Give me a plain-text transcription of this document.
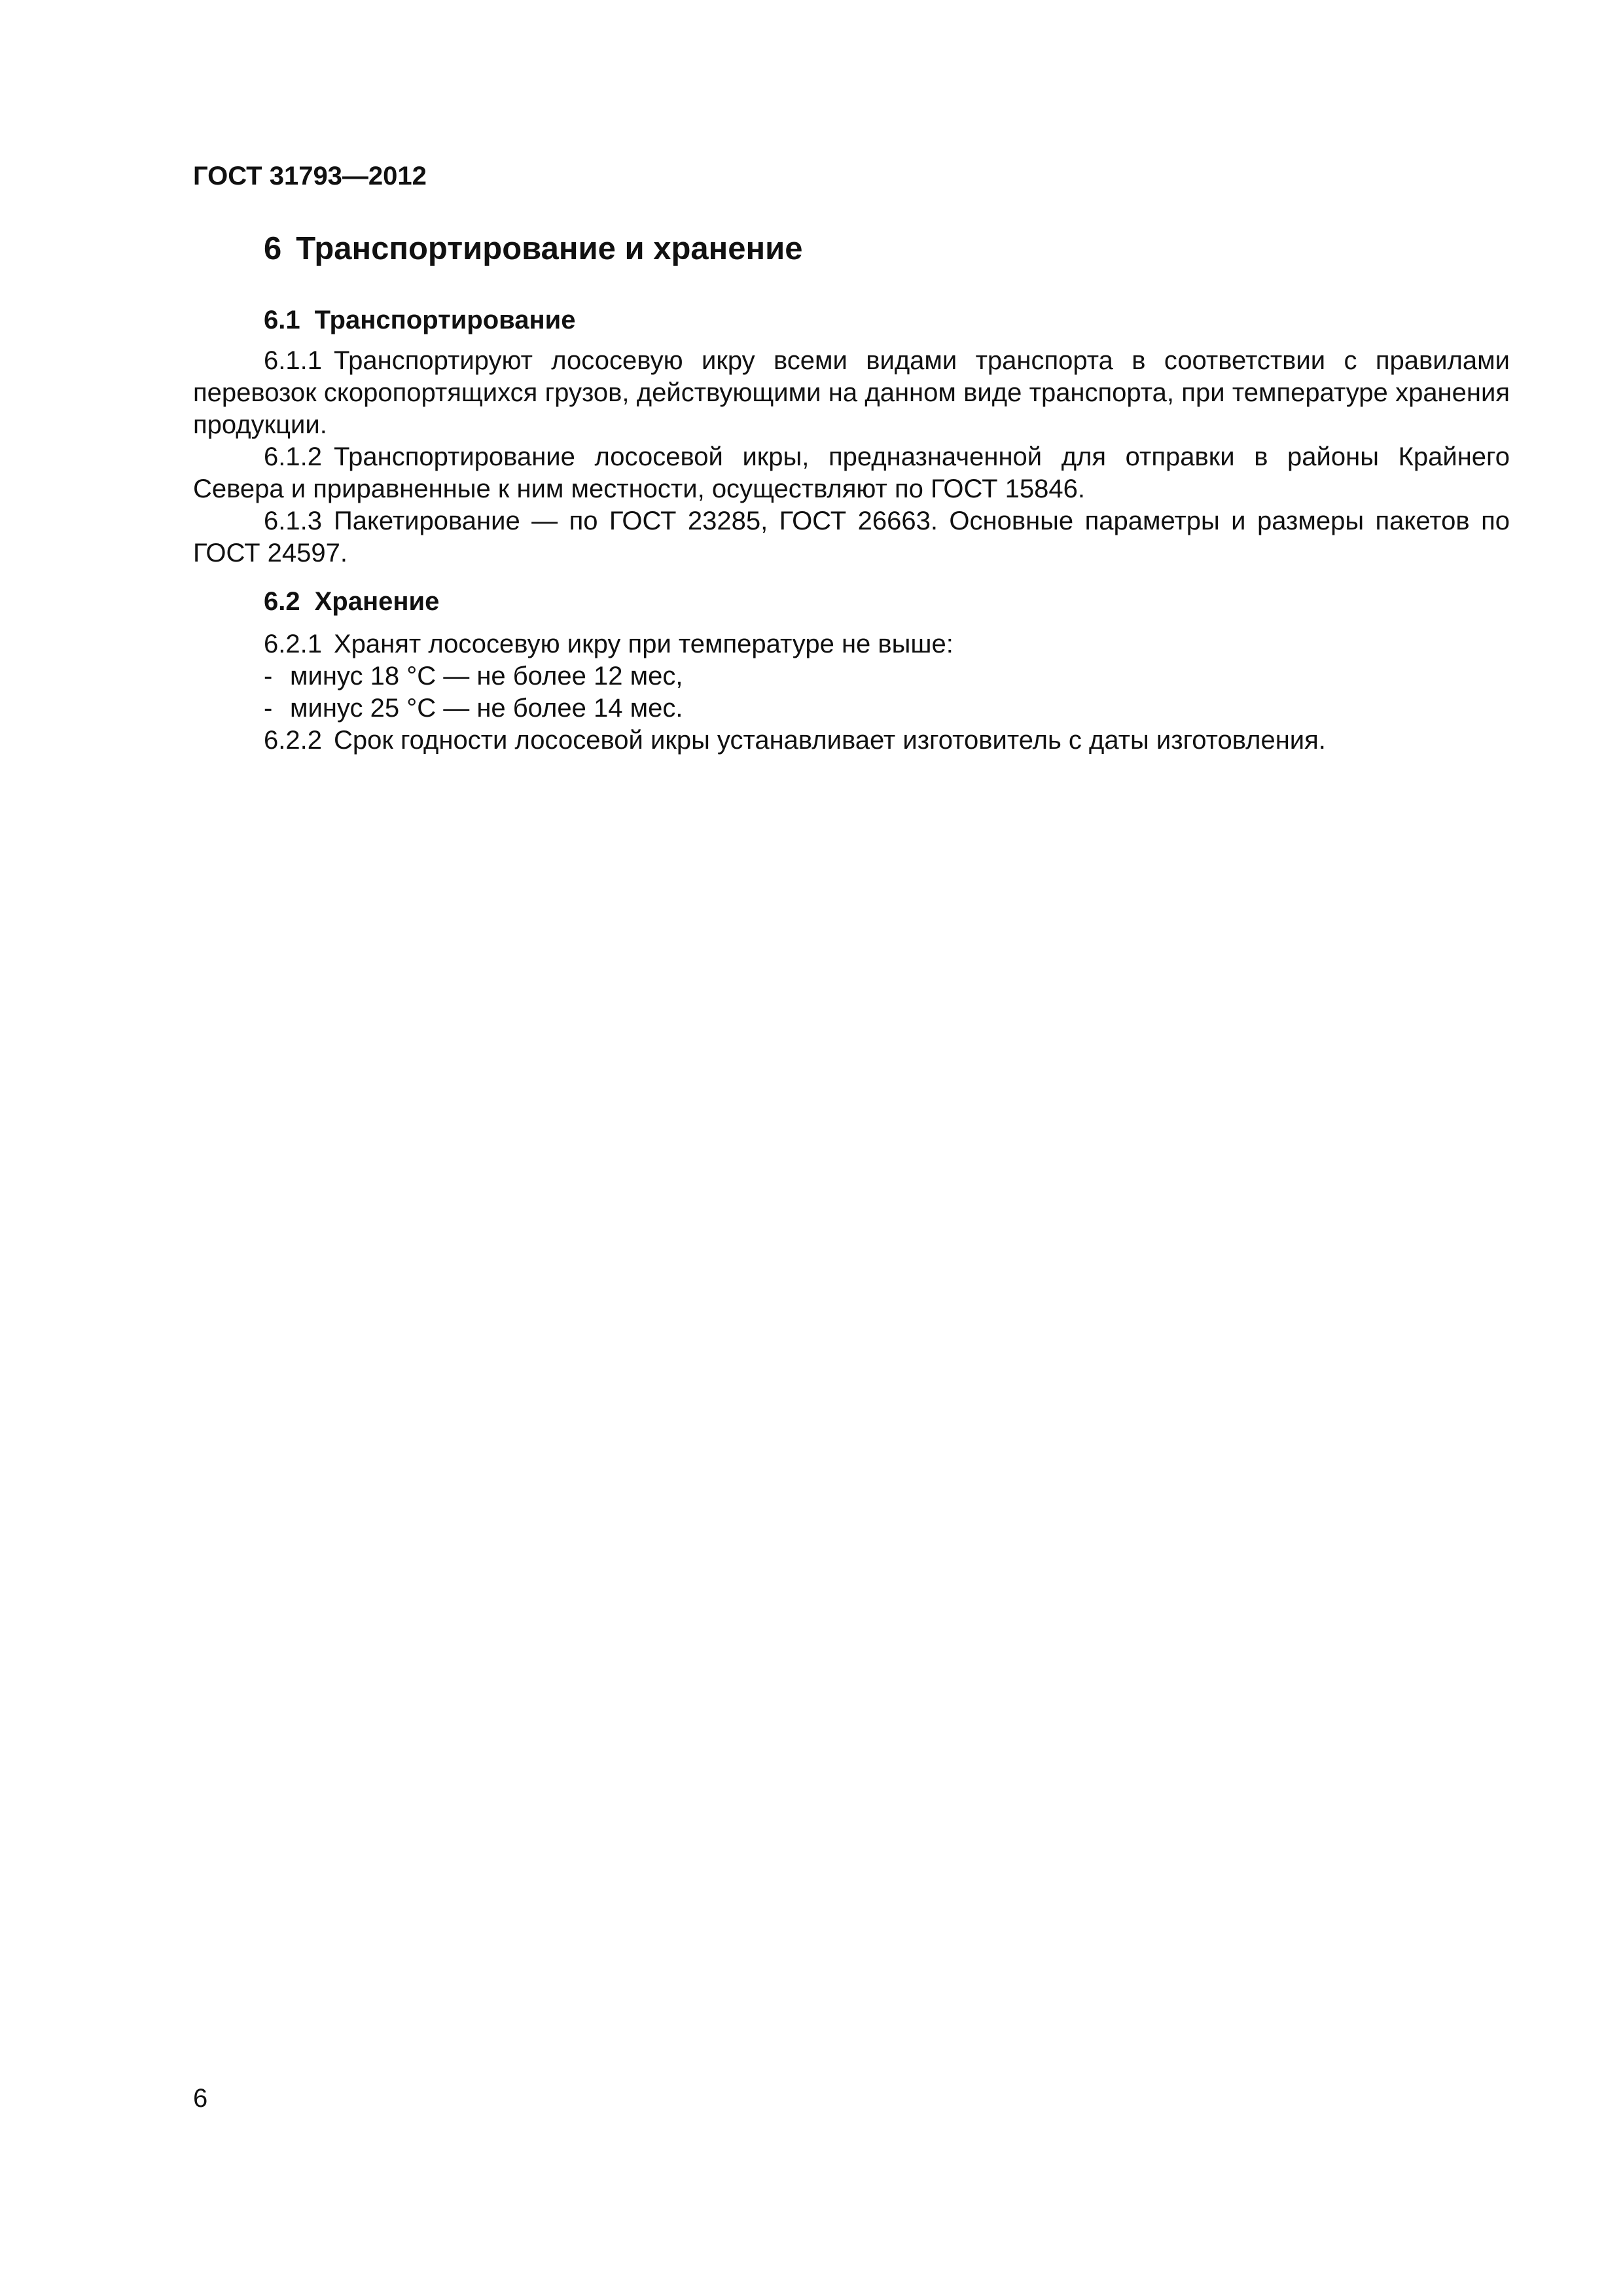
ГОСТ 31793—2012
6 Транспортирование и хранение
6.1 Транспортирование
6.1.1 Транспортируют лососевую икру всеми видами транспорта в соответствии с правилами перевозок скоропортящихся грузов, действующими на данном виде транспорта, при температуре хранения продукции.
6.1.2 Транспортирование лососевой икры, предназначенной для отправки в районы Крайнего Севера и приравненные к ним местности, осуществляют по ГОСТ 15846.
6.1.3 Пакетирование — по ГОСТ 23285, ГОСТ 26663. Основные параметры и размеры пакетов по ГОСТ 24597.
6.2 Хранение
6.2.1 Хранят лососевую икру при температуре не выше:
- минус 18 °С — не более 12 мес,
- минус 25 °С — не более 14 мес.
6.2.2 Срок годности лососевой икры устанавливает изготовитель с даты изготовления.
6
